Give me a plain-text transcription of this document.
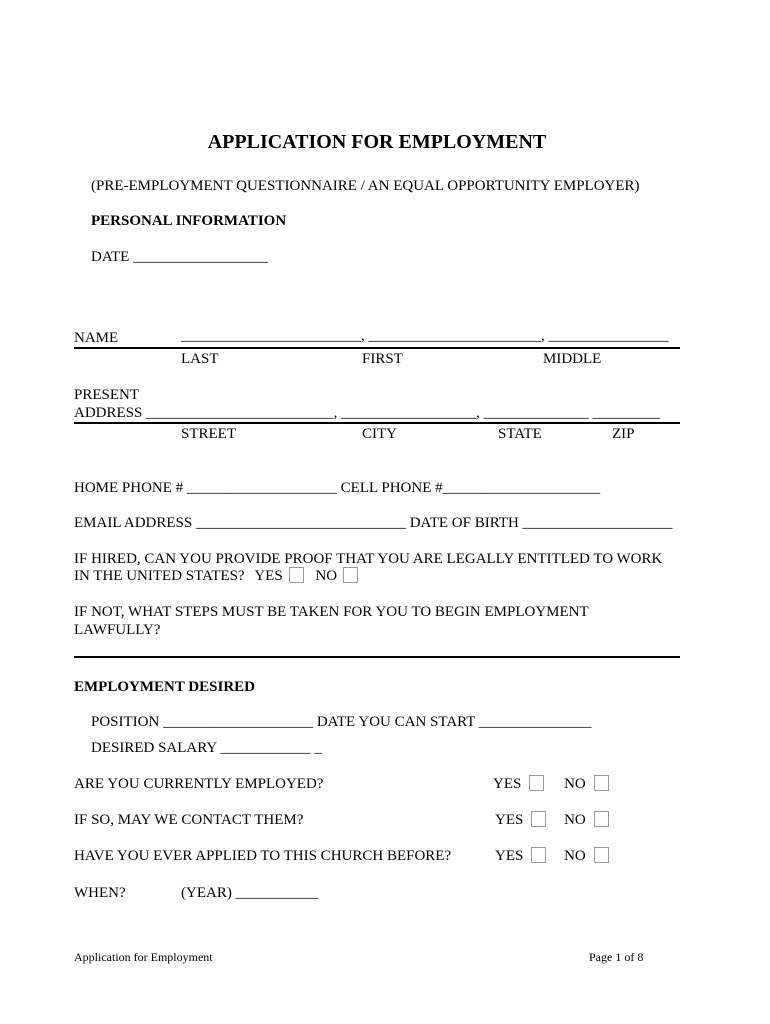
APPLICATION FOR EMPLOYMENT
(PRE-EMPLOYMENT QUESTIONNAIRE / AN EQUAL OPPORTUNITY EMPLOYER)
PERSONAL INFORMATION
DATE __________________
NAME	________________________, _______________________, ________________
LAST	FIRST	MIDDLE
PRESENT
ADDRESS _________________________, __________________, ______________ _________
STREET	CITY	STATE	ZIP
HOME PHONE # ____________________ CELL PHONE #_____________________
EMAIL ADDRESS ____________________________ DATE OF BIRTH ____________________
IF HIRED, CAN YOU PROVIDE PROOF THAT YOU ARE LEGALLY ENTITLED TO WORK
IN THE UNITED STATES? YES NO
IF NOT, WHAT STEPS MUST BE TAKEN FOR YOU TO BEGIN EMPLOYMENT
LAWFULLY?
EMPLOYMENT DESIRED
POSITION ____________________ DATE YOU CAN START _______________
DESIRED SALARY ____________ _
ARE YOU CURRENTLY EMPLOYED?	YES	NO
IF SO, MAY WE CONTACT THEM?	YES	NO
HAVE YOU EVER APPLIED TO THIS CHURCH BEFORE?	YES	NO
WHEN?	(YEAR) ___________
Application for Employment	Page 1 of 8
